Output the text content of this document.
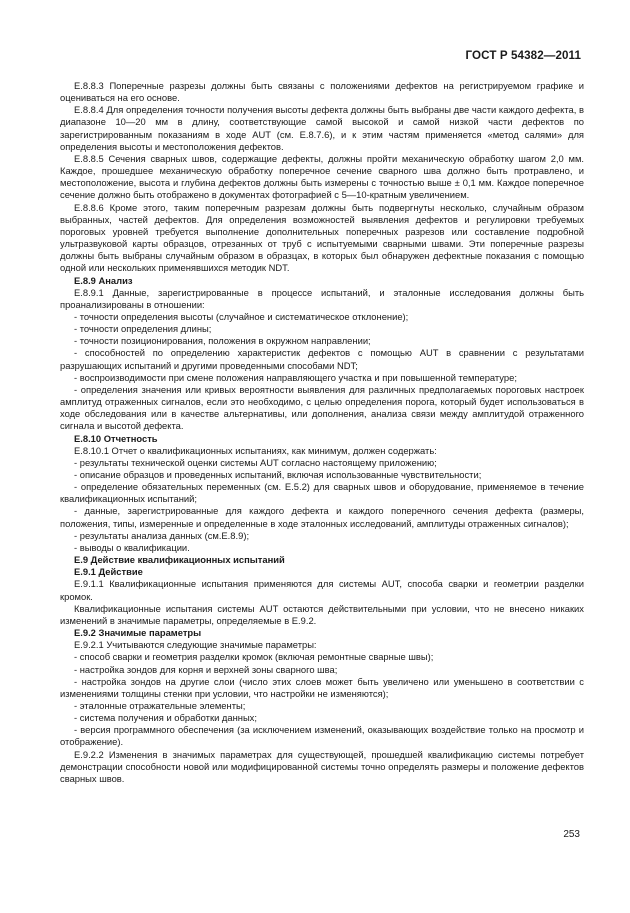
ГОСТ Р 54382—2011

Е.8.8.3 Поперечные разрезы должны быть связаны с положениями дефектов на регистрируемом графике и оцениваться на его основе.

Е.8.8.4 Для определения точности получения высоты дефекта должны быть выбраны две части каждого дефекта, в диапазоне 10—20 мм в длину, соответствующие самой высокой и самой низкой части дефектов по зарегистрированным показаниям в ходе AUT (см. Е.8.7.6), и к этим частям применяется «метод салями» для определения высоты и местоположения дефектов.

Е.8.8.5 Сечения сварных швов, содержащие дефекты, должны пройти механическую обработку шагом 2,0 мм. Каждое, прошедшее механическую обработку поперечное сечение сварного шва должно быть протравлено, и местоположение, высота и глубина дефектов должны быть измерены с точностью выше ± 0,1 мм. Каждое поперечное сечение должно быть отображено в документах фотографией с 5—10-кратным увеличением.

Е.8.8.6 Кроме этого, таким поперечным разрезам должны быть подвергнуты несколько, случайным образом выбранных, частей дефектов. Для определения возможностей выявления дефектов и регулировки требуемых пороговых уровней требуется выполнение дополнительных поперечных разрезов или составление подробной ультразвуковой карты образцов, отрезанных от труб с испытуемыми сварными швами. Эти поперечные разрезы должны быть выбраны случайным образом в образцах, в которых был обнаружен дефектные показания с помощью одной или нескольких применявшихся методик NDT.

Е.8.9 Анализ

Е.8.9.1 Данные, зарегистрированные в процессе испытаний, и эталонные исследования должны быть проанализированы в отношении:

- точности определения высоты (случайное и систематическое отклонение);

- точности определения длины;

- точности позиционирования, положения в окружном направлении;

- способностей по определению характеристик дефектов с помощью AUT в сравнении с результатами разрушающих испытаний и другими проведенными способами NDT;

- воспроизводимости при смене положения направляющего участка и при повышенной температуре;

- определения значения или кривых вероятности выявления для различных предполагаемых пороговых настроек амплитуд отраженных сигналов, если это необходимо, с целью определения порога, который будет использоваться в ходе обследования или в качестве альтернативы, или дополнения, анализа связи между амплитудой отраженного сигнала и высотой дефекта.

Е.8.10 Отчетность

Е.8.10.1 Отчет о квалификационных испытаниях, как минимум, должен содержать:

- результаты технической оценки системы AUT согласно настоящему приложению;

- описание образцов и проведенных испытаний, включая использованные чувствительности;

- определение обязательных переменных (см. Е.5.2) для сварных швов и оборудование, применяемое в течение квалификационных испытаний;

- данные, зарегистрированные для каждого дефекта и каждого поперечного сечения дефекта (размеры, положения, типы, измеренные и определенные в ходе эталонных исследований, амплитуды отраженных сигналов);

- результаты анализа данных (см.Е.8.9);

- выводы о квалификации.

Е.9 Действие квалификационных испытаний

Е.9.1 Действие

Е.9.1.1 Квалификационные испытания применяются для системы AUT, способа сварки и геометрии разделки кромок.

Квалификационные испытания системы AUT остаются действительными при условии, что не внесено никаких изменений в значимые параметры, определяемые в Е.9.2.

Е.9.2 Значимые параметры

Е.9.2.1 Учитываются следующие значимые параметры:

- способ сварки и геометрия разделки кромок (включая ремонтные сварные швы);

- настройка зондов для корня и верхней зоны сварного шва;

- настройка зондов на другие слои (число этих слоев может быть увеличено или уменьшено в соответствии с изменениями толщины стенки при условии, что настройки не изменяются);

- эталонные отражательные элементы;

- система получения и обработки данных;

- версия программного обеспечения (за исключением изменений, оказывающих воздействие только на просмотр и отображение).

Е.9.2.2 Изменения в значимых параметрах для существующей, прошедшей квалификацию системы потребует демонстрации способности новой или модифицированной системы точно определять размеры и положение дефектов сварных швов.

253
